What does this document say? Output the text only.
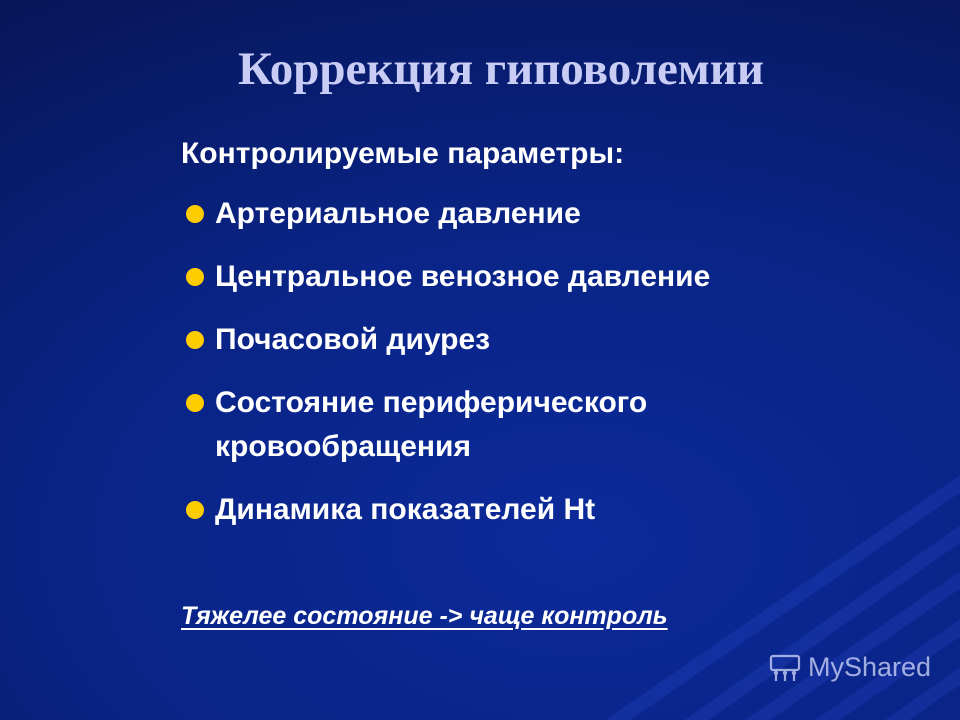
Коррекция гиповолемии
Контролируемые параметры:
Артериальное давление
Центральное венозное давление
Почасовой диурез
Состояние периферического
кровообращения
Динамика показателей Ht
Тяжелее состояние -> чаще контроль
MyShared
